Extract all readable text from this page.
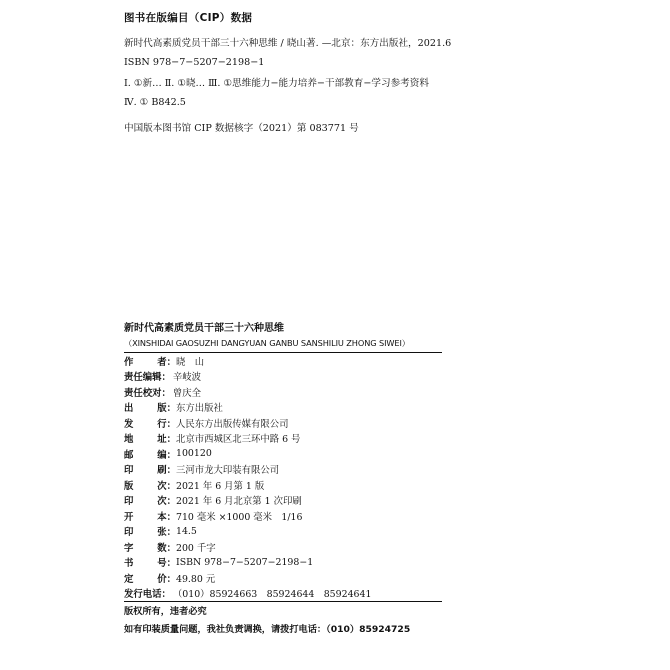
图书在版编目（CIP）数据
新时代高素质党员干部三十六种思维 / 晓山著. —北京：东方出版社，2021.6
ISBN 978−7−5207−2198−1
Ⅰ. ①新… Ⅱ. ①晓… Ⅲ. ①思维能力−能力培养−干部教育−学习参考资料
Ⅳ. ① B842.5
中国版本图书馆 CIP 数据核字（2021）第 083771 号
新时代高素质党员干部三十六种思维
（XINSHIDAI GAOSUZHI DANGYUAN GANBU SANSHILIU ZHONG SIWEI）
作	者： 晓　山
责任编辑： 辛岐波
责任校对： 曾庆全
出	版： 东方出版社
发	行： 人民东方出版传媒有限公司
地	址： 北京市西城区北三环中路 6 号
邮	编： 100120
印	刷： 三河市龙大印装有限公司
版	次： 2021 年 6 月第 1 版
印	次： 2021 年 6 月北京第 1 次印刷
开	本： 710 毫米 ×1000 毫米　1/16
印	张： 14.5
字	数： 200 千字
书	号： ISBN 978−7−5207−2198−1
定	价： 49.80 元
发行电话： （010）85924663　85924644　85924641
版权所有，违者必究
如有印装质量问题，我社负责调换，请拨打电话：（010）85924725
